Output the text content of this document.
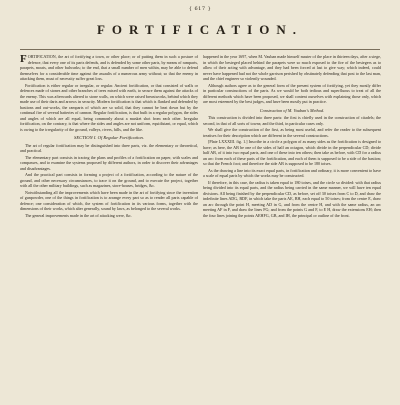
{ 617 }
FORTIFICATION.

FORTIFICATION, the art of fortifying a town, or other place; or of putting them in such a posture of defence, that every one of its parts defends, and is defended by some other parts, by means of ramparts, parapets, moats, and other bulwarks; to the end, that a small number of men within, may be able to defend themselves for a considerable time against the assaults of a numerous army without; so that the enemy in attacking them, must of necessity suffer great loss.

Fortification is either regular or irregular, or regular. Ancient fortification, or that consisted of walls or defences made of stones and other branches of trees mixed with earth, to secure them against the attacks of the enemy. This was afterwards altered to stone walls, on which were raised breastworks, behind which they made use of their darts and arrows in security. Modern fortification is that which is flanked and defended by bastions and out-works, the ramparts of which are so solid, that they cannot be beat down but by the continual fire of several batteries of cannon. Regular fortification, is that built in a regular polygon, the sides and angles of which are all equal, being commonly about a musket shot from each other. Irregular fortification, on the contrary, is that where the sides and angles are not uniform, equidistant, or equal, which is owing to the irregularity of the ground, valleys, rivers, hills, and the like.

SECTION I. Of Regular Fortification.

The art of regular fortification may be distinguished into three parts, viz. the elementary or theoretical, and practical.

The elementary part consists in tracing the plans and profiles of a fortification on paper, with scales and compasses, and to examine the systems proposed by different authors, in order to discover their advantages and disadvantages.

And the practical part consists in forming a project of a fortification, according to the nature of the ground, and other necessary circumstances, to trace it on the ground, and to execute the project, together with all the other military buildings, such as magazines, store-houses, bridges, &c.

Notwithstanding all the improvements which have been made in the art of fortifying since the invention of gunpowder, one of the things in fortification is to arrange every part so as to render all parts capable of defence; one consideration of which, the system of fortification in its various forms, together with the dimensions of their works, which alter generally, sound by laws, as belonged to the several works.

The general improvements made in the art of attacking were, &c.

happened in the year 1697, when M. Vauban made himself master of the place in thirteen days, after a siege, in which the besieged placed behind the parapets were so much exposed to the fire of the besiegers as to allow of their acting with advantage, and they had been forced at last to give way; which indeed, could never have happened had not the whole garrison perished by obstinately defending that post to the last man, and the chief engineer so violently wounded.

Although authors agree as to the general form of the present system of fortifying, yet they mostly differ in particular constructions of the parts. As we would be both tedious and superfluous to treat of all the different methods which have been proposed, we shall content ourselves with explaining those only, which are most esteemed by the best judges, and have been mostly put in practice.

Construction of M. Vauban's Method.

This construction is divided into three parts: the first is chiefly used in the construction of citadels; the second, in that of all sorts of towns; and the third, in particular cases only.

We shall give the construction of the first, as being most useful, and refer the reader to the subsequent treatises for their description which are different in the several constructions.

[Plate LXXXIII. fig. 1.] Inscribe in a circle a polygon of as many sides as the fortification is designed to have; as here, the AB be one of the sides of half an octagon, which divide in the perpendicular CD; divide half AB, of it into two equal parts, and one of these into ten others; then take as before, with CD for a radius an arc: from each of these parts of the fortification, and each of them is supposed to be a side of the bastion; so that the French foot; and therefore the side AB is supposed to be 180 toises.

As the drawing a line into its exact equal parts, in fortification and ordinary, it is more convenient to have a scale of equal parts by which the works may be constructed.

If therefore, in this case, the radius is taken equal to 180 toises, and the circle so divided: with that radius being divided into its equal parts, and the radius being carried in the same manner, we will have ten equal divisions. All being finished by the perpendicular CD, as before, set off 30 toises from C to D, and draw the indefinite lines ADG, BDF, in which take the parts AE, BH, each equal to 50 toises; from the centre E, draw an arc through the point H, meeting AD in G, and from the centre H, and with the same radius, an arc meeting AF in F, and draw the lines FG; and from the points G and F, to E H, draw the extensions EH; then the four lines joining the points AEHFG, GB, and IH, the principal or outline of the front.
